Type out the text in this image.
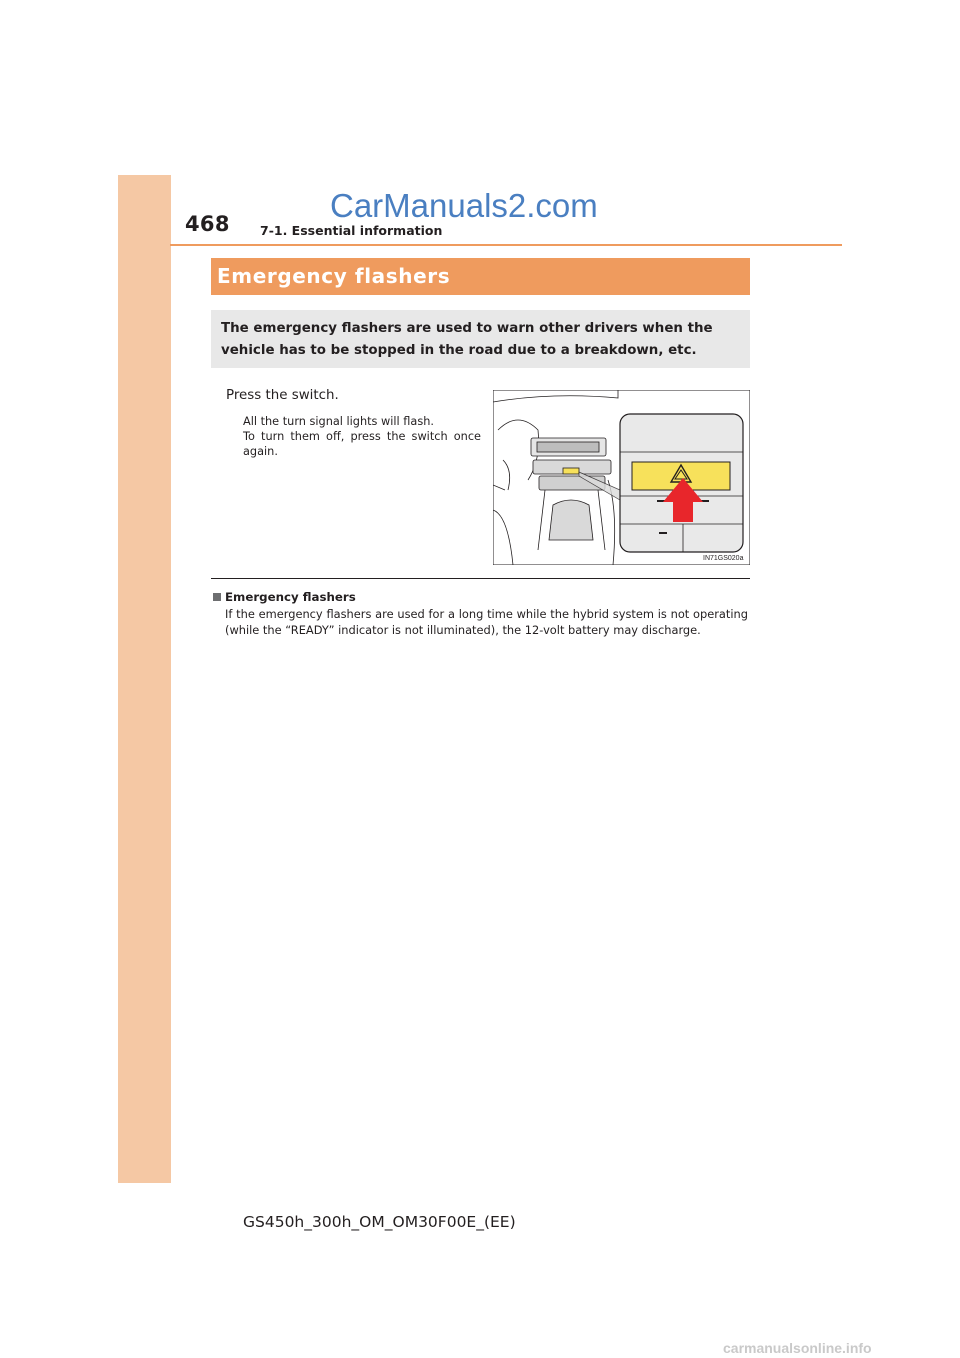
468	CarManuals2.com
7-1. Essential information
Emergency flashers

The emergency flashers are used to warn other drivers when the vehicle has to be stopped in the road due to a breakdown, etc.

Press the switch.
All the turn signal lights will flash.
To turn them off, press the switch once again.
IN71GS020a
Emergency flashers
If the emergency flashers are used for a long time while the hybrid system is not operating (while the “READY” indicator is not illuminated), the 12-volt battery may discharge.
GS450h_300h_OM_OM30F00E_(EE)
carmanualsonline.info
